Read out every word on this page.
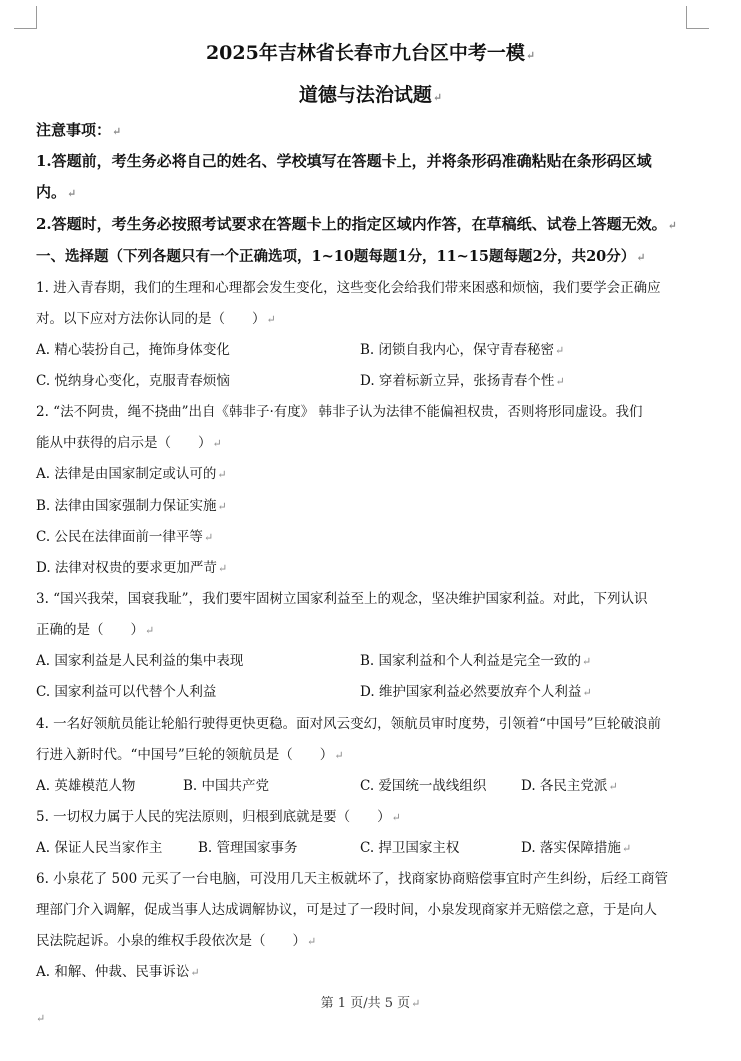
2025年吉林省长春市九台区中考一模↵
道德与法治试题↵
注意事项：↵
1.答题前，考生务必将自己的姓名、学校填写在答题卡上，并将条形码准确粘贴在条形码区域
内。↵
2.答题时，考生务必按照考试要求在答题卡上的指定区域内作答，在草稿纸、试卷上答题无效。↵
一、选择题（下列各题只有一个正确选项，1~10题每题1分，11~15题每题2分，共20分）↵
1. 进入青春期，我们的生理和心理都会发生变化，这些变化会给我们带来困惑和烦恼，我们要学会正确应
对。以下应对方法你认同的是（　　）↵
A. 精心装扮自己，掩饰身体变化	B. 闭锁自我内心，保守青春秘密↵
C. 悦纳身心变化，克服青春烦恼	D. 穿着标新立异，张扬青春个性↵
2. “法不阿贵，绳不挠曲”出自《韩非子·有度》 韩非子认为法律不能偏袒权贵，否则将形同虚设。我们
能从中获得的启示是（　　）↵
A. 法律是由国家制定或认可的↵
B. 法律由国家强制力保证实施↵
C. 公民在法律面前一律平等↵
D. 法律对权贵的要求更加严苛↵
3. “国兴我荣，国衰我耻”，我们要牢固树立国家利益至上的观念，坚决维护国家利益。对此，下列认识
正确的是（　　）↵
A. 国家利益是人民利益的集中表现	B. 国家利益和个人利益是完全一致的↵
C. 国家利益可以代替个人利益	D. 维护国家利益必然要放弃个人利益↵
4. 一名好领航员能让轮船行驶得更快更稳。面对风云变幻，领航员审时度势，引领着“中国号”巨轮破浪前
行进入新时代。“中国号”巨轮的领航员是（　　）↵
A. 英雄模范人物	B. 中国共产党	C. 爱国统一战线组织	D. 各民主党派↵
5. 一切权力属于人民的宪法原则，归根到底就是要（　　）↵
A. 保证人民当家作主	B. 管理国家事务	C. 捍卫国家主权	D. 落实保障措施↵
6. 小泉花了 500 元买了一台电脑，可没用几天主板就坏了，找商家协商赔偿事宜时产生纠纷，后经工商管
理部门介入调解，促成当事人达成调解协议，可是过了一段时间，小泉发现商家并无赔偿之意，于是向人
民法院起诉。小泉的维权手段依次是（　　）↵
A. 和解、仲裁、民事诉讼↵
第 1 页/共 5 页↵
↵
